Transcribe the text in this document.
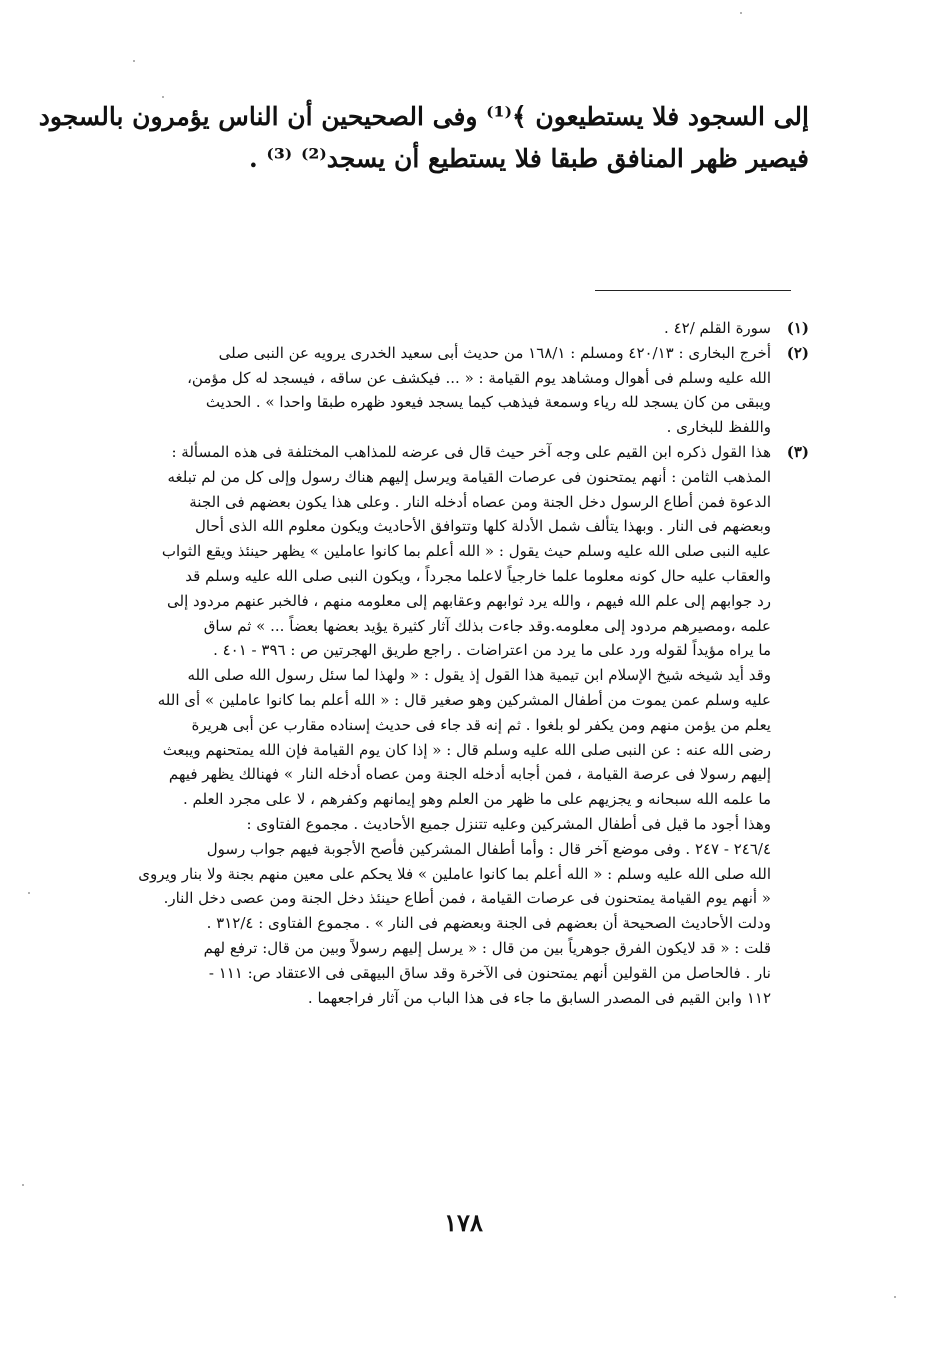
إلى السجود فلا يستطيعون ﴾⁽¹⁾ وفى الصحيحين أن الناس يؤمرون بالسجود
فيصير ظهر المنافق طبقا فلا يستطيع أن يسجد⁽²⁾ ⁽³⁾ .
(١)
سورة القلم /٤٢ .
(٢)
أخرج البخارى : ٤٢٠/١٣ ومسلم : ١٦٨/١ من حديث أبى سعيد الخدرى يرويه عن النبى صلى
الله عليه وسلم فى أهوال ومشاهد يوم القيامة : « ... فيكشف عن ساقه ، فيسجد له كل مؤمن،
ويبقى من كان يسجد لله رياء وسمعة فيذهب كيما يسجد فيعود ظهره طبقا واحدا » . الحديث
واللفظ للبخارى .
(٣)
هذا القول ذكره ابن القيم على وجه آخر حيث قال فى عرضه للمذاهب المختلفة فى هذه المسألة :
المذهب الثامن : أنهم يمتحنون فى عرصات القيامة ويرسل إليهم هناك رسول وإلى كل من لم تبلغه
الدعوة فمن أطاع الرسول دخل الجنة ومن عصاه أدخله النار . وعلى هذا يكون بعضهم فى الجنة
وبعضهم فى النار . وبهذا يتألف شمل الأدلة كلها وتتوافق الأحاديث ويكون معلوم الله الذى أحال
عليه النبى صلى الله عليه وسلم حيث يقول : « الله أعلم بما كانوا عاملين » يظهر حينئذ ويقع الثواب
والعقاب عليه حال كونه معلوما علما خارجياً لاعلما مجرداً ، ويكون النبى صلى الله عليه وسلم قد
رد جوابهم إلى علم الله فيهم ، والله يرد ثوابهم وعقابهم إلى معلومه منهم ، فالخبر عنهم مردود إلى
علمه ،ومصيرهم مردود إلى معلومه.وقد جاءت بذلك آثار كثيرة يؤيد بعضها بعضاً ... » ثم ساق
ما يراه مؤيداً لقوله ورد على ما يرد من اعتراضات . راجع طريق الهجرتين ص : ٣٩٦ - ٤٠١ .
وقد أيد شيخه شيخ الإسلام ابن تيمية هذا القول إذ يقول : « ولهذا لما سئل رسول الله صلى الله
عليه وسلم عمن يموت من أطفال المشركين وهو صغير قال : « الله أعلم بما كانوا عاملين » أى الله
يعلم من يؤمن منهم ومن يكفر لو بلغوا . ثم إنه قد جاء فى حديث إسناده مقارب عن أبى هريرة
رضى الله عنه : عن النبى صلى الله عليه وسلم قال : « إذا كان يوم القيامة فإن الله يمتحنهم ويبعث
إليهم رسولا فى عرصة القيامة ، فمن أجابه أدخله الجنة ومن عصاه أدخله النار » فهنالك يظهر فيهم
ما علمه الله سبحانه و يجزيهم على ما ظهر من العلم وهو إيمانهم وكفرهم ، لا على مجرد العلم .
وهذا أجود ما قيل فى أطفال المشركين وعليه تتنزل جميع الأحاديث . مجموع الفتاوى :
٢٤٦/٤ - ٢٤٧ . وفى موضع آخر قال : وأما أطفال المشركين فأصح الأجوبة فيهم جواب رسول
الله صلى الله عليه وسلم : « الله أعلم بما كانوا عاملين » فلا يحكم على معين منهم بجنة ولا بنار ويروى
« أنهم يوم القيامة يمتحنون فى عرصات القيامة ، فمن أطاع حينئذ دخل الجنة ومن عصى دخل النار.
ودلت الأحاديث الصحيحة أن بعضهم فى الجنة وبعضهم فى النار » . مجموع الفتاوى : ٣١٢/٤ .
قلت : « قد لايكون الفرق جوهرياً بين من قال : « يرسل إليهم رسولاً وبين من قال: ترفع لهم
نار . فالحاصل من القولين أنهم يمتحنون فى الآخرة وقد ساق البيهقى فى الاعتقاد ص: ١١١ -
١١٢ وابن القيم فى المصدر السابق ما جاء فى هذا الباب من آثار فراجعهما .
١٧٨
